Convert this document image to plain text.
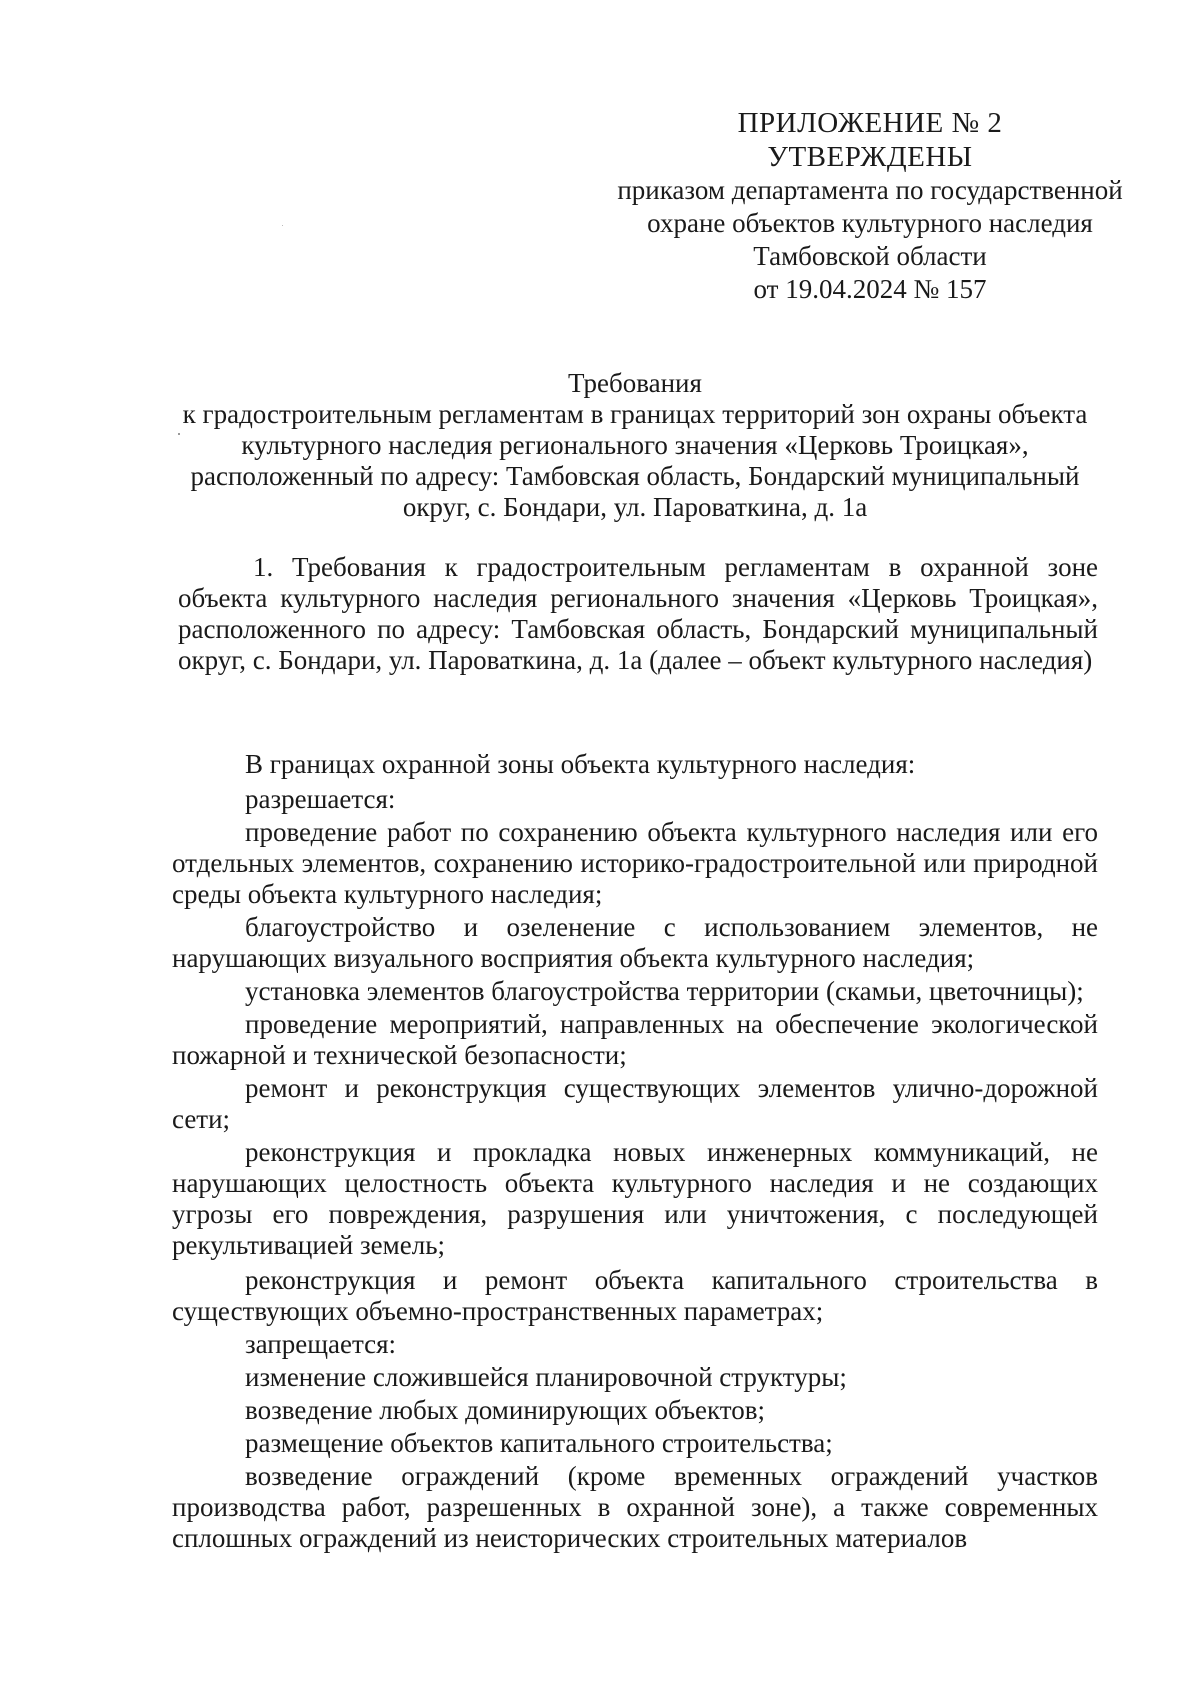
ПРИЛОЖЕНИЕ № 2
УТВЕРЖДЕНЫ
приказом департамента по государственной
охране объектов культурного наследия
Тамбовской области
от 19.04.2024 № 157
Требования
к градостроительным регламентам в границах территорий зон охраны объекта культурного наследия регионального значения «Церковь Троицкая», расположенный по адресу: Тамбовская область, Бондарский муниципальный округ, с. Бондари, ул. Пароваткина, д. 1а

1. Требования к градостроительным регламентам в охранной зоне объекта культурного наследия регионального значения «Церковь Троицкая», расположенного по адресу: Тамбовская область, Бондарский муниципальный округ, с. Бондари, ул. Пароваткина, д. 1а (далее – объект культурного наследия)

В границах охранной зоны объекта культурного наследия:

разрешается:

проведение работ по сохранению объекта культурного наследия или его отдельных элементов, сохранению историко-градостроительной или природной среды объекта культурного наследия;

благоустройство и озеленение с использованием элементов, не нарушающих визуального восприятия объекта культурного наследия;

установка элементов благоустройства территории (скамьи, цветочницы);

проведение мероприятий, направленных на обеспечение экологической пожарной и технической безопасности;

ремонт и реконструкция существующих элементов улично-дорожной сети;

реконструкция и прокладка новых инженерных коммуникаций, не нарушающих целостность объекта культурного наследия и не создающих угрозы его повреждения, разрушения или уничтожения, с последующей рекультивацией земель;

реконструкция и ремонт объекта капитального строительства в существующих объемно-пространственных параметрах;

запрещается:

изменение сложившейся планировочной структуры;

возведение любых доминирующих объектов;

размещение объектов капитального строительства;

возведение ограждений (кроме временных ограждений участков производства работ, разрешенных в охранной зоне), а также современных сплошных ограждений из неисторических строительных материалов
